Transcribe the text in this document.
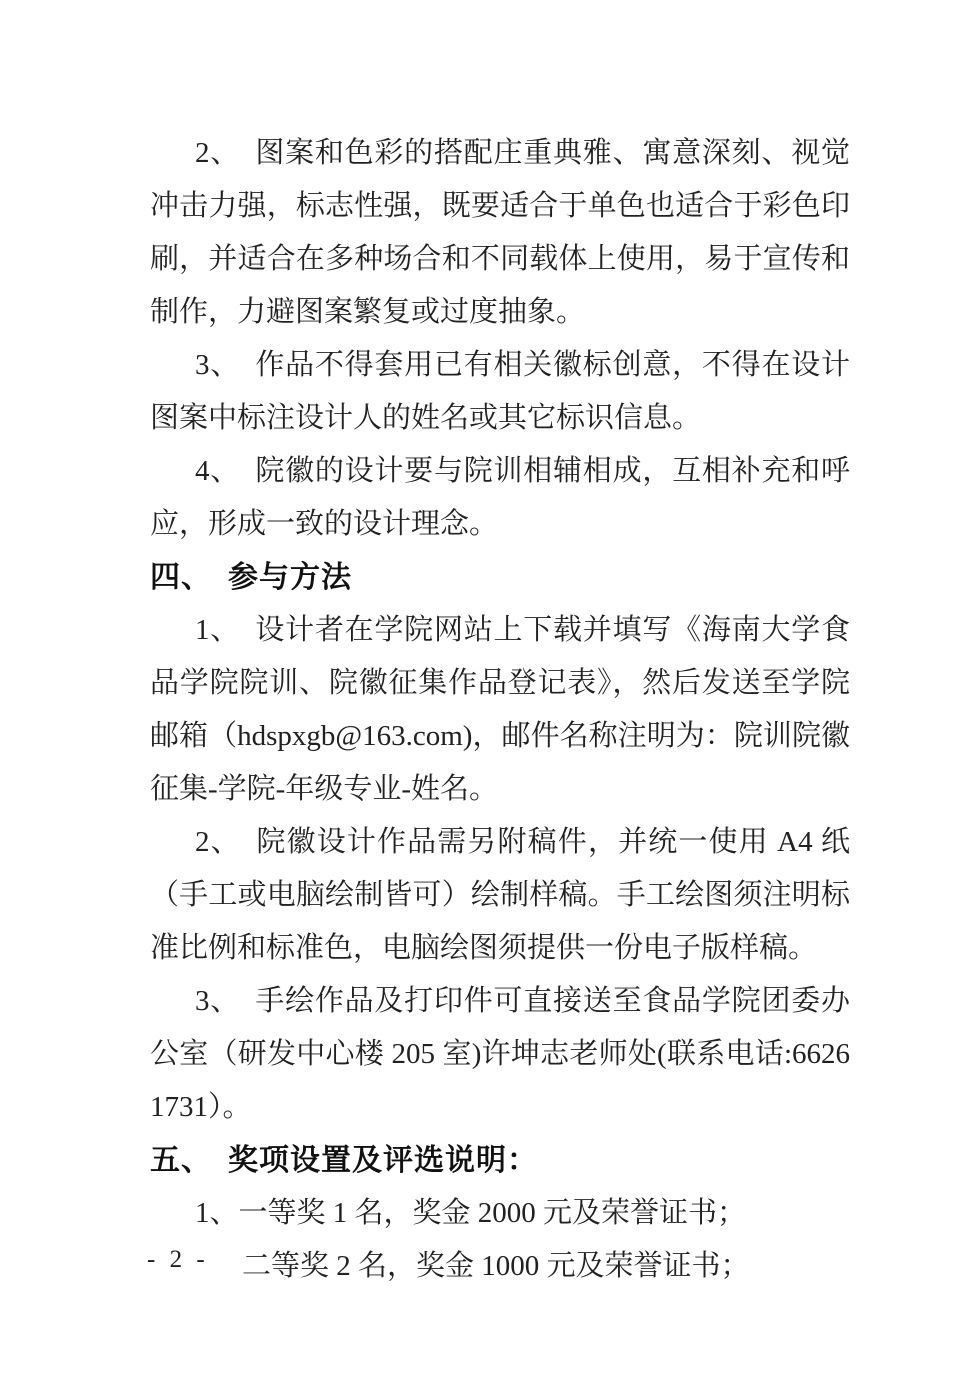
2、　图案和色彩的搭配庄重典雅、寓意深刻、视觉冲击力强，标志性强，既要适合于单色也适合于彩色印刷，并适合在多种场合和不同载体上使用，易于宣传和制作，力避图案繁复或过度抽象。

3、　作品不得套用已有相关徽标创意，不得在设计图案中标注设计人的姓名或其它标识信息。

4、　院徽的设计要与院训相辅相成，互相补充和呼应，形成一致的设计理念。

四、　参与方法

1、　设计者在学院网站上下载并填写《海南大学食品学院院训、院徽征集作品登记表》，然后发送至学院邮箱（hdspxgb@163.com)，邮件名称注明为：院训院徽征集-学院-年级专业-姓名。

2、　院徽设计作品需另附稿件，并统一使用 A4 纸（手工或电脑绘制皆可）绘制样稿。手工绘图须注明标准比例和标准色，电脑绘图须提供一份电子版样稿。

3、　手绘作品及打印件可直接送至食品学院团委办公室（研发中心楼 205 室)许坤志老师处(联系电话:66261731）。

五、　奖项设置及评选说明：

1、一等奖 1 名，奖金 2000 元及荣誉证书；

二等奖 2 名，奖金 1000 元及荣誉证书；

- 2 -
